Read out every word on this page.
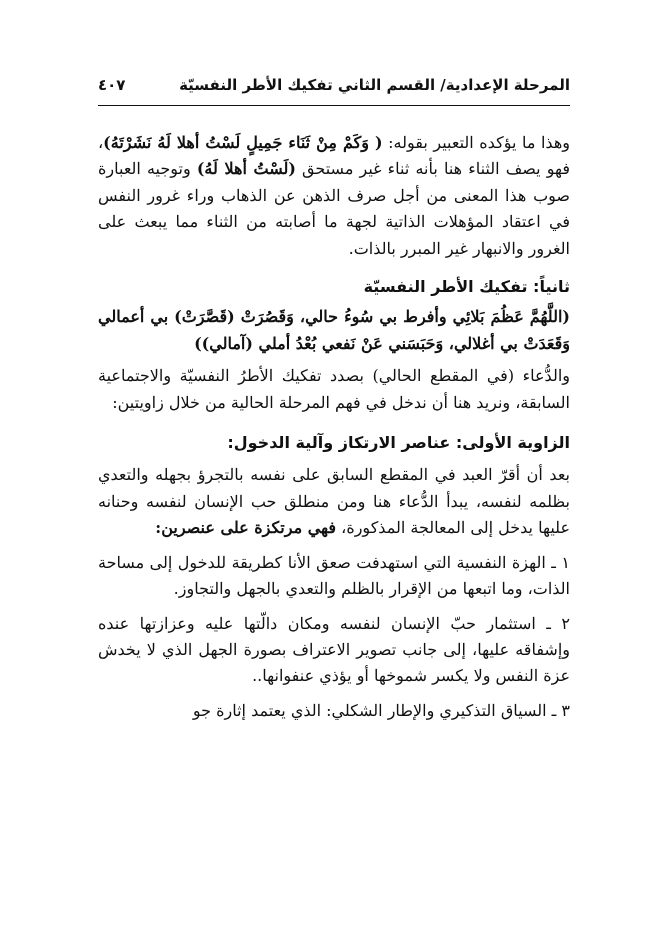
المرحلة الإعدادية/ القسم الثاني تفكيك الأطر النفسيّة
٤٠٧

وهذا ما يؤكده التعبير بقوله: ( وَكَمْ مِنْ ثَنَاء جَمِيلٍ لَسْتُ أهلا لَهُ نَشَرْتَهُ)، فهو يصف الثناء هنا بأنه ثناء غير مستحق (لَسْتُ أهلا لَهُ) وتوجيه العبارة صوب هذا المعنى من أجل صرف الذهن عن الذهاب وراء غرور النفس في اعتقاد المؤهلات الذاتية لجهة ما أصابته من الثناء مما يبعث على الغرور والانبهار غير المبرر بالذات.

ثانياً: تفكيك الأطر النفسيّة

(اللَّهُمَّ عَظُمَ بَلائِي وأفرط بي سُوءُ حالي، وَقَصُرَتْ (قَصَّرَتْ) بي أعمالي وَقَعَدَتْ بي أغلالي، وَحَبَسَني عَنْ نَفعي بُعْدُ أملي (آمالي))

والدُّعاء (في المقطع الحالي) بصدد تفكيك الأطرُ النفسيّة والاجتماعية السابقة، ونريد هنا أن ندخل في فهم المرحلة الحالية من خلال زاويتين:

الزاوية الأولى: عناصر الارتكاز وآلية الدخول:

بعد أن أقرّ العبد في المقطع السابق على نفسه بالتجرؤ بجهله والتعدي بظلمه لنفسه، يبدأ الدُّعاء هنا ومن منطلق حب الإنسان لنفسه وحنانه عليها يدخل إلى المعالجة المذكورة، فهي مرتكزة على عنصرين:

١ ـ الهزة النفسية التي استهدفت صعق الأنا كطريقة للدخول إلى مساحة الذات، وما اتبعها من الإقرار بالظلم والتعدي بالجهل والتجاوز.

٢ ـ استثمار حبّ الإنسان لنفسه ومكان دالّتها عليه وعزازتها عنده وإشفاقه عليها، إلى جانب تصوير الاعتراف بصورة الجهل الذي لا يخدش عزة النفس ولا يكسر شموخها أو يؤذي عنفوانها..

٣ ـ السياق التذكيري والإطار الشكلي: الذي يعتمد إثارة جو
